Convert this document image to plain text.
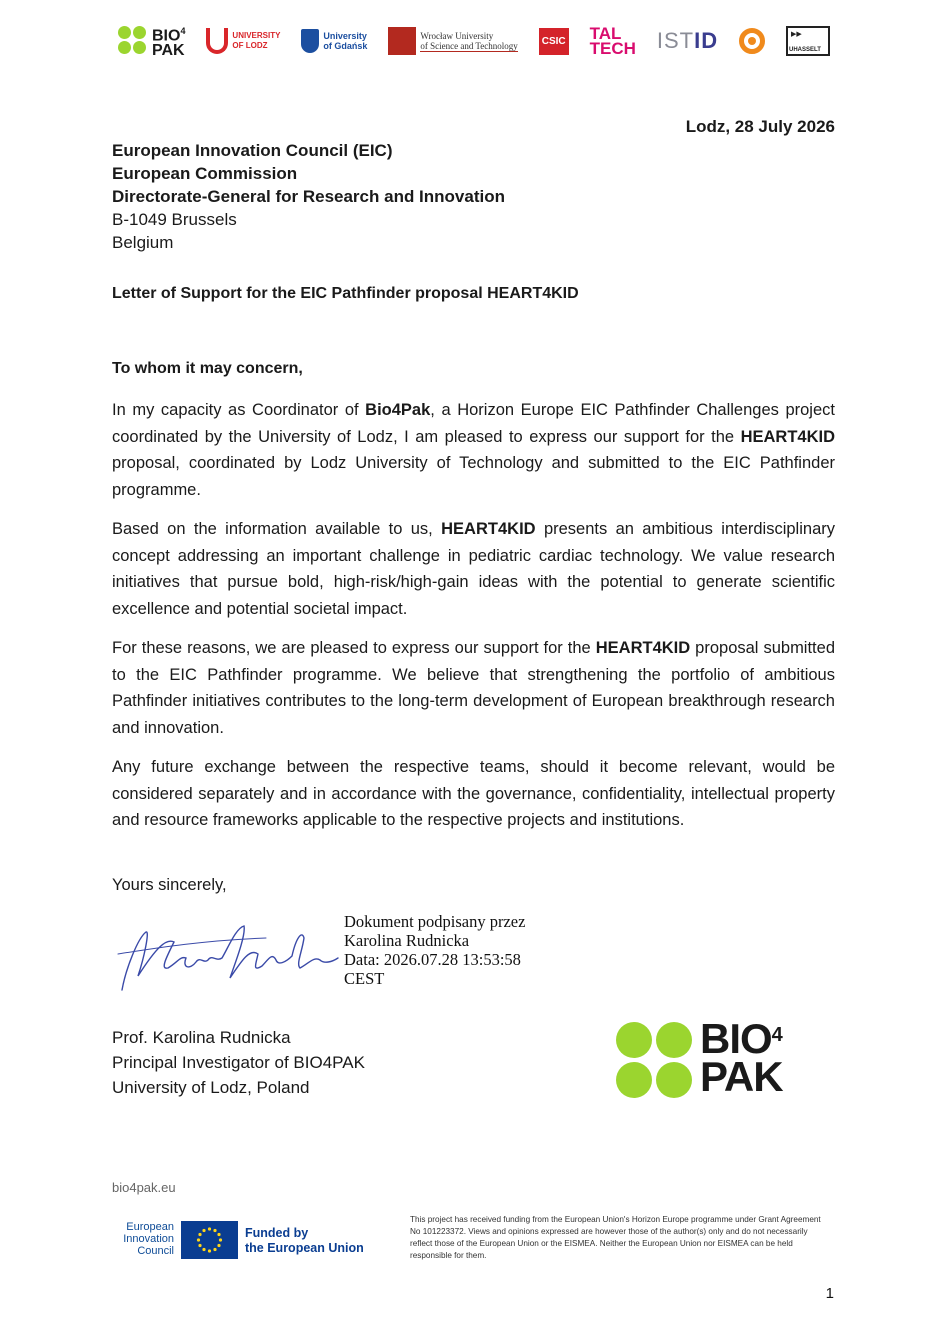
BIO$^4$
PAK
UNIVERSITY
OF LODZ
University
of Gdańsk
Wrocław University
of Science and Technology	CSIC TAL
TECH ISTID	▶▶
UHASSELT
Lodz, 28 July 2026
European Innovation Council (EIC)
European Commission
Directorate-General for Research and Innovation
B-1049 Brussels
Belgium
Letter of Support for the EIC Pathfinder proposal HEART4KID
To whom it may concern,
In my capacity as Coordinator of Bio4Pak, a Horizon Europe EIC Pathfinder Challenges project coordinated by the University of Lodz, I am pleased to express our support for the HEART4KID proposal, coordinated by Lodz University of Technology and submitted to the EIC Pathfinder programme.
Based on the information available to us, HEART4KID presents an ambitious interdisciplinary concept addressing an important challenge in pediatric cardiac technology. We value research initiatives that pursue bold, high-risk/high-gain ideas with the potential to generate scientific excellence and potential societal impact.
For these reasons, we are pleased to express our support for the HEART4KID proposal submitted to the EIC Pathfinder programme. We believe that strengthening the portfolio of ambitious Pathfinder initiatives contributes to the long-term development of European breakthrough research and innovation.
Any future exchange between the respective teams, should it become relevant, would be considered separately and in accordance with the governance, confidentiality, intellectual property and resource frameworks applicable to the respective projects and institutions.
Yours sincerely,
Dokument podpisany przez
Karolina Rudnicka
Data: 2026.07.28 13:53:58
CEST
Prof. Karolina Rudnicka
Principal Investigator of BIO4PAK
University of Lodz, Poland
BIO$^4$
PAK
bio4pak.eu
European
Innovation
Council
Funded by
the European Union
This project has received funding from the European Union's Horizon Europe programme under Grant Agreement No 101223372. Views and opinions expressed are however those of the author(s) only and do not necessarily reflect those of the European Union or the EISMEA. Neither the European Union nor EISMEA can be held responsible for them.
1
